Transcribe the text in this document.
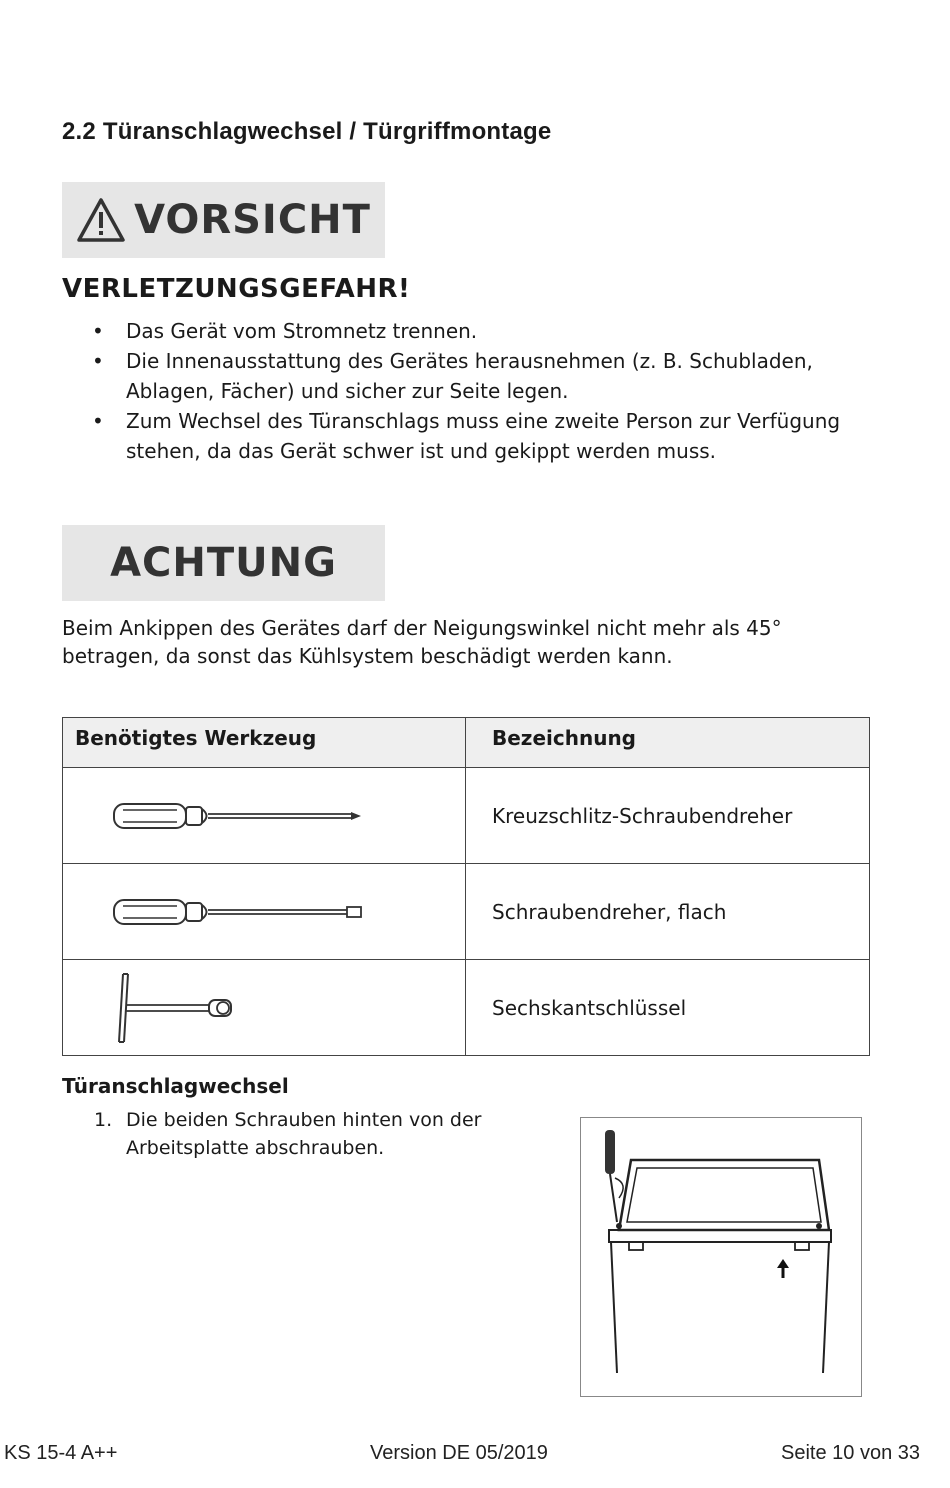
2.2 Türanschlagwechsel / Türgriffmontage
VORSICHT
VERLETZUNGSGEFAHR!
• Das Gerät vom Stromnetz trennen.
• Die Innenausstattung des Gerätes herausnehmen (z. B. Schubladen, Ablagen, Fächer) und sicher zur Seite legen.
• Zum Wechsel des Türanschlags muss eine zweite Person zur Verfügung stehen, da das Gerät schwer ist und gekippt werden muss.
ACHTUNG
Beim Ankippen des Gerätes darf der Neigungswinkel nicht mehr als 45° betragen, da sonst das Kühlsystem beschädigt werden kann.
Benötigtes Werkzeug	Bezeichnung

	Kreuzschlitz-Schraubendreher

	Schraubendreher, flach

	Sechskantschlüssel
Türanschlagwechsel
1. Die beiden Schrauben hinten von der Arbeitsplatte abschrauben.
KS 15-4 A++	Version DE 05/2019	Seite 10 von 33
